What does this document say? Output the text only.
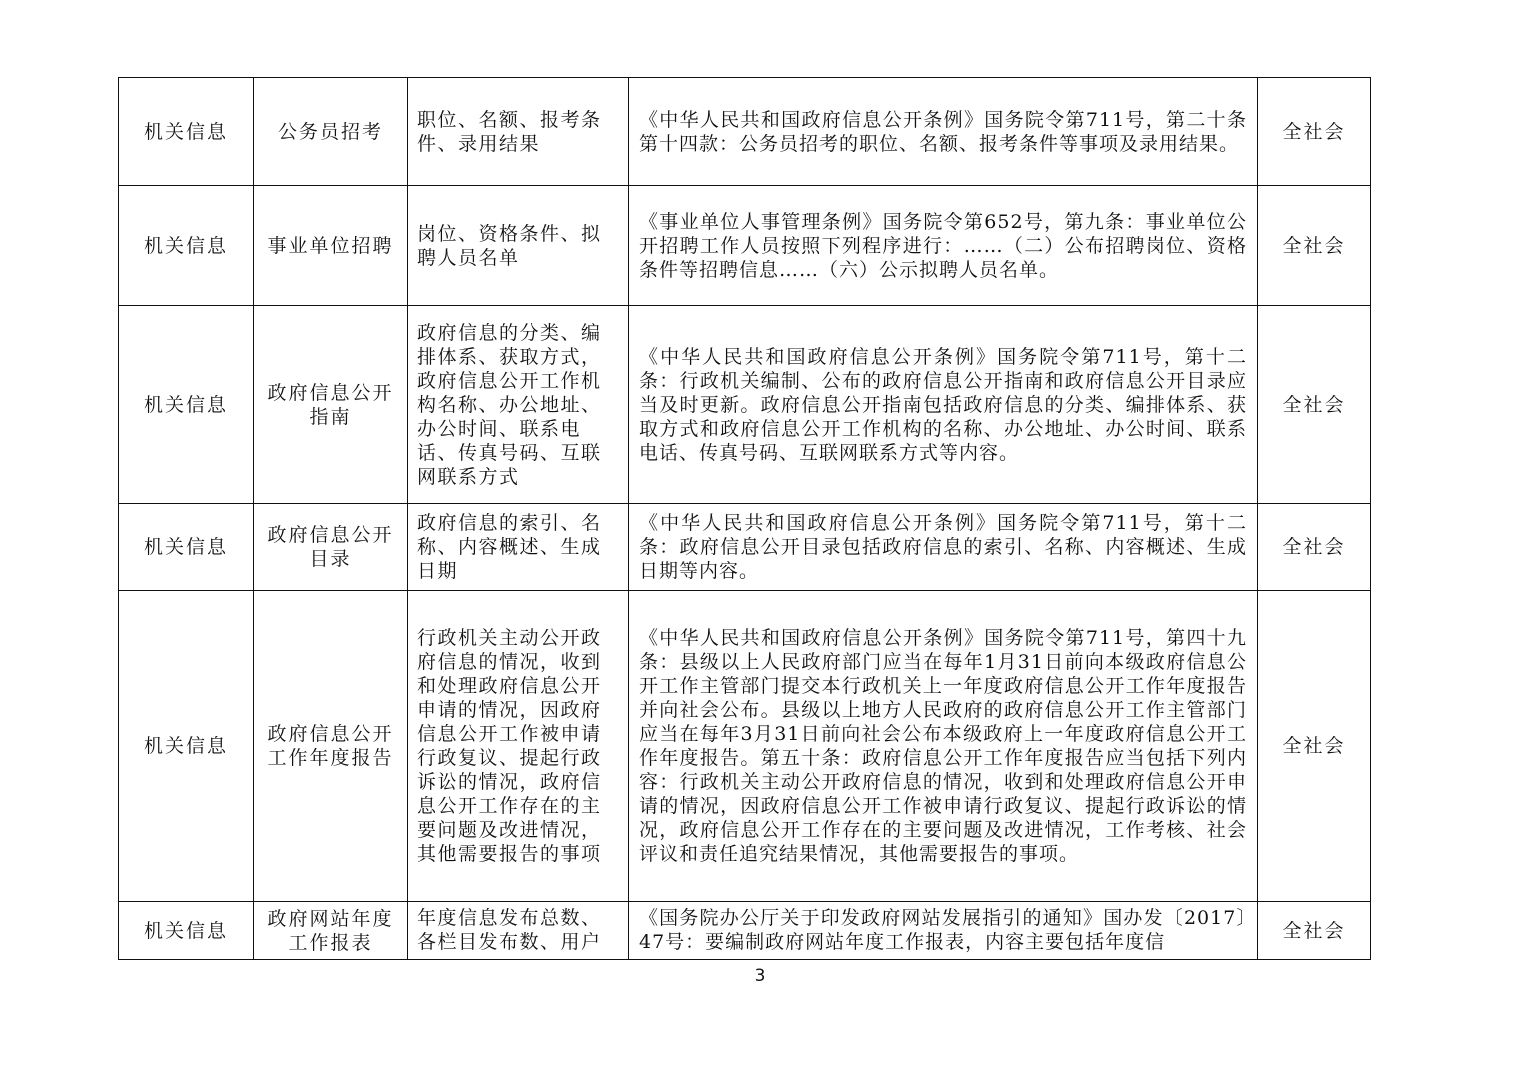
机关信息	公务员招考	职位、名额、报考条件、录用结果	《中华人民共和国政府信息公开条例》国务院令第711号，第二十条第十四款：公务员招考的职位、名额、报考条件等事项及录用结果。	全社会
机关信息	事业单位招聘	岗位、资格条件、拟聘人员名单	《事业单位人事管理条例》国务院令第652号，第九条：事业单位公开招聘工作人员按照下列程序进行：……（二）公布招聘岗位、资格条件等招聘信息……（六）公示拟聘人员名单。	全社会
机关信息	政府信息公开指南	政府信息的分类、编排体系、获取方式，政府信息公开工作机构名称、办公地址、办公时间、联系电话、传真号码、互联网联系方式	《中华人民共和国政府信息公开条例》国务院令第711号，第十二条：行政机关编制、公布的政府信息公开指南和政府信息公开目录应当及时更新。政府信息公开指南包括政府信息的分类、编排体系、获取方式和政府信息公开工作机构的名称、办公地址、办公时间、联系电话、传真号码、互联网联系方式等内容。	全社会
机关信息	政府信息公开目录	政府信息的索引、名称、内容概述、生成日期	《中华人民共和国政府信息公开条例》国务院令第711号，第十二条：政府信息公开目录包括政府信息的索引、名称、内容概述、生成日期等内容。	全社会
机关信息	政府信息公开工作年度报告	行政机关主动公开政府信息的情况，收到和处理政府信息公开申请的情况，因政府信息公开工作被申请行政复议、提起行政诉讼的情况，政府信息公开工作存在的主要问题及改进情况，其他需要报告的事项	《中华人民共和国政府信息公开条例》国务院令第711号，第四十九条：县级以上人民政府部门应当在每年1月31日前向本级政府信息公开工作主管部门提交本行政机关上一年度政府信息公开工作年度报告并向社会公布。县级以上地方人民政府的政府信息公开工作主管部门应当在每年3月31日前向社会公布本级政府上一年度政府信息公开工作年度报告。第五十条：政府信息公开工作年度报告应当包括下列内容：行政机关主动公开政府信息的情况，收到和处理政府信息公开申请的情况，因政府信息公开工作被申请行政复议、提起行政诉讼的情况，政府信息公开工作存在的主要问题及改进情况，工作考核、社会评议和责任追究结果情况，其他需要报告的事项。	全社会
机关信息	政府网站年度工作报表	年度信息发布总数、各栏目发布数、用户	《国务院办公厅关于印发政府网站发展指引的通知》国办发〔2017〕47号：要编制政府网站年度工作报表，内容主要包括年度信	全社会
3
